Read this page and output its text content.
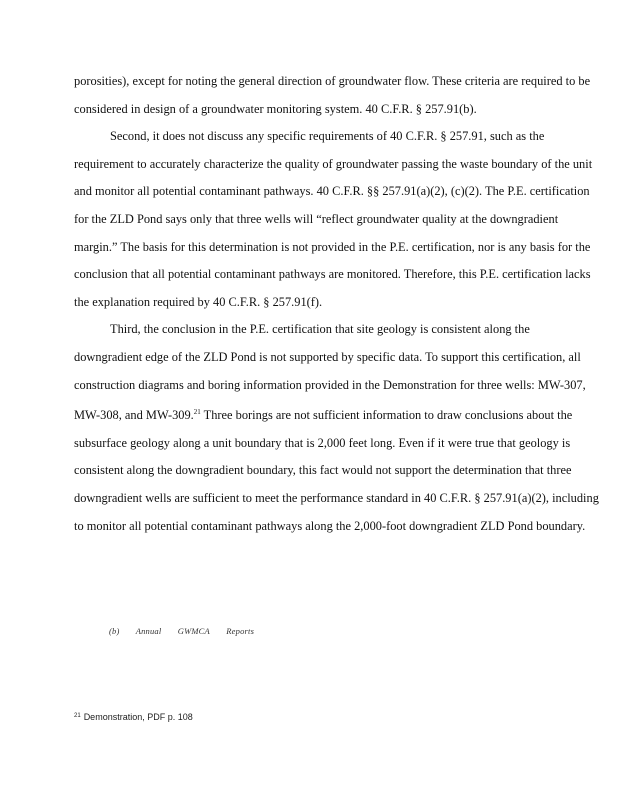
porosities), except for noting the general direction of groundwater flow. These criteria are required to be considered in design of a groundwater monitoring system. 40 C.F.R. § 257.91(b).

Second, it does not discuss any specific requirements of 40 C.F.R. § 257.91, such as the requirement to accurately characterize the quality of groundwater passing the waste boundary of the unit and monitor all potential contaminant pathways. 40 C.F.R. §§ 257.91(a)(2), (c)(2). The P.E. certification for the ZLD Pond says only that three wells will “reflect groundwater quality at the downgradient margin.” The basis for this determination is not provided in the P.E. certification, nor is any basis for the conclusion that all potential contaminant pathways are monitored. Therefore, this P.E. certification lacks the explanation required by 40 C.F.R. § 257.91(f).

Third, the conclusion in the P.E. certification that site geology is consistent along the downgradient edge of the ZLD Pond is not supported by specific data. To support this certification, all construction diagrams and boring information provided in the Demonstration for three wells: MW-307, MW-308, and MW-309.21 Three borings are not sufficient information to draw conclusions about the subsurface geology along a unit boundary that is 2,000 feet long. Even if it were true that geology is consistent along the downgradient boundary, this fact would not support the determination that three downgradient wells are sufficient to meet the performance standard in 40 C.F.R. § 257.91(a)(2), including to monitor all potential contaminant pathways along the 2,000-foot downgradient ZLD Pond boundary.

(b) Annual GWMCA Reports
$^{21}$ Demonstration, PDF p. 108
